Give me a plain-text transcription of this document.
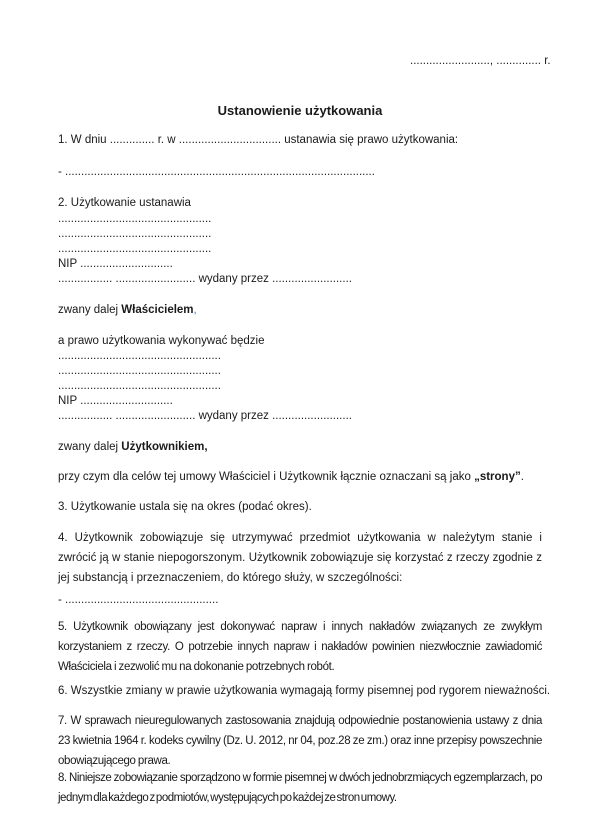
........................., .............. r.
Ustanowienie użytkowania
1. W dniu .............. r. w ................................ ustanawia się prawo użytkowania:
- .................................................................................................
2. Użytkowanie ustanawia
................................................
................................................
................................................
NIP .............................
................. ......................... wydany przez .........................
zwany dalej Właścicielem,
a prawo użytkowania wykonywać będzie
...................................................
...................................................
...................................................
NIP .............................
................. ......................... wydany przez .........................
zwany dalej Użytkownikiem,
przy czym dla celów tej umowy Właściciel i Użytkownik łącznie oznaczani są jako „strony”.
3. Użytkowanie ustala się na okres (podać okres).
4. Użytkownik zobowiązuje się utrzymywać przedmiot użytkowania w należytym stanie i zwrócić ją w stanie niepogorszonym. Użytkownik zobowiązuje się korzystać z rzeczy zgodnie z jej substancją i przeznaczeniem, do którego służy, w szczególności:
- ................................................
5. Użytkownik obowiązany jest dokonywać napraw i innych nakładów związanych ze zwykłym korzystaniem z rzeczy. O potrzebie innych napraw i nakładów powinien niezwłocznie zawiadomić Właściciela i zezwolić mu na dokonanie potrzebnych robót.
6. Wszystkie zmiany w prawie użytkowania wymagają formy pisemnej pod rygorem nieważności.
7. W sprawach nieuregulowanych zastosowania znajdują odpowiednie postanowienia ustawy z dnia 23 kwietnia 1964 r. kodeks cywilny (Dz. U. 2012, nr 04, poz.28 ze zm.) oraz inne przepisy powszechnie obowiązującego prawa.
8. Niniejsze zobowiązanie sporządzono w formie pisemnej w dwóch jednobrzmiących egzemplarzach, po jednym dla każdego z podmiotów, występujących po każdej ze stron umowy.
